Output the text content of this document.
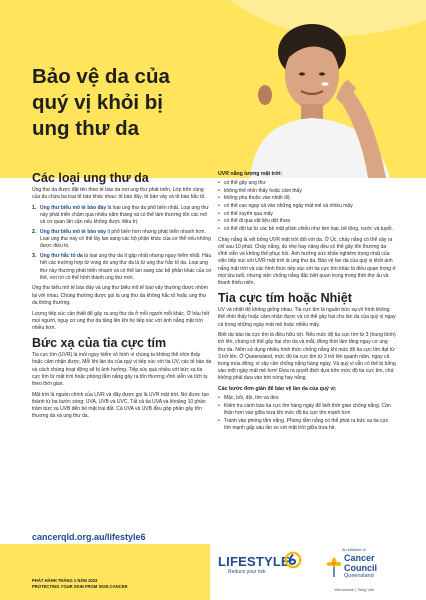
Bảo vệ da của
quý vị khỏi bị
ung thư da
Các loại ung thư da

Ung thư da được đặt tên theo tế bào da nơi ung thư phát triển. Lớp trên cùng của da chứa ba loại tế bào khác nhau: tế bào đáy, tế bào vảy và tế bào hắc tố.

1. Ung thư biểu mô tế bào đáy là loại ung thư da phổ biến nhất. Loại ung thư này phát triển chậm qua nhiều năm tháng và có thể làm thương tổn các mô và cơ quan lân cận nếu không được điều trị.
2. Ung thư biểu mô tế bào vảy ít phổ biến hơn nhưng phát triển nhanh hơn. Loại ung thư này có thể lây lan sang các bộ phận khác của cơ thể nếu không được điều trị.
3. Ung thư hắc tố da là loại ung thư da ít gặp nhất nhưng nguy hiểm nhất. Hầu hết các trường hợp từ vong do ung thư da là từ ung thư hắc tố da. Loại ung thư này thường phát triển nhanh và có thể lan sang các bộ phận khác của cơ thể, nơi nó có thể hình thành ung thư mới.

Ung thư biểu mô tế bào đáy và ung thư biểu mô tế bào vảy thường được nhóm lại với nhau. Chúng thường được gọi là ung thư da không hắc tố hoặc ung thư da thông thường.

Lượng tiếp xúc cần thiết để gây ra ung thư da ở mỗi người mỗi khác. Ở hầu hết mọi người, nguy cơ ung thư da tăng lên khi họ tiếp xúc với ánh nắng mặt trời nhiều hơn.

Bức xạ của tia cực tím

Tia cực tím (UVR) là mối nguy hiểm vô hình vì chúng ta không thể nhìn thấy hoặc cảm nhận được. Mỗi khi làn da của quý vị tiếp xúc với tia UV, các tế bào da và cách chúng hoạt động sẽ bị ảnh hưởng. Tiếp xúc quá nhiều với bức xạ tia cực tím từ mặt trời hoặc phòng tắm nắng gây ra tổn thương vĩnh viễn và tích tụ theo thời gian.

Mặt trời là nguồn chính của UVR và đây được gọi là UVR mặt trời. Nó được tạo thành từ ba bước sóng: UVA, UVB và UVC. Tất cả tia UVA và khoảng 10 phần trăm bức xạ UVB đến bề mặt trái đất. Cả UVA và UVB đều góp phần gây tổn thương da và ung thư da.

UVR nắng lượng mặt trời:
• có thể gây ung thư
• không thể nhìn thấy hoặc cảm thấy
• không phụ thuộc vào nhiệt độ
• có thể cao ngay cả vào những ngày mát mẻ và nhiều mây
• có thể xuyên qua mây
• có thể đi qua vật liệu dệt thưa
• có thể dội lại từ các bề mặt phản chiếu như kim loại, bê tông, nước và tuyết.

Cháy nắng là vết bỏng UVR mặt trời đối với da. Ở Úc, cháy nắng có thể xảy ra chỉ sau 10 phút. Cháy nắng, dù nhẹ hay nặng đều có thể gây tổn thương da vĩnh viễn và không thể phục hồi. Ánh hưởng sức khỏe nghiêm trọng nhất của việc tiếp xúc với UVR mặt trời là ung thư da. Bảo vệ làn da của quý vị khỏi ánh nắng mặt trời và các hình thức tiếp xúc với tia cực tím khác là điều quan trọng ở mọi lứa tuổi, nhưng việc chống nắng đặc biệt quan trọng trong thời thơ ấu và thanh thiếu niên.

Tia cực tím hoặc Nhiệt

UV và nhiệt độ không giống nhau. Tia cực tím là nguồn bức xạ vô hình không thể nhìn thấy hoặc cảm nhận được và có thể gây hại cho làn da của quý vị ngay cả trong những ngày mát mẻ hoặc nhiều mây.

Biết dự báo tia cực tím là điều hữu ích. Nếu mức độ tia cực tím từ 3 (trung bình) trở lên, chúng có thể gây hại cho da và mắt, đồng thời làm tăng nguy cơ ung thư da. Nếm sử dụng nhiều hình thức chống nắng khi mức độ tia cực tím đạt từ 3 trở lên. Ở Queensland, mức độ tia cực tím từ 3 trở lên quanh năm, ngay cả trong mùa đông, vì vậy cần chống nắng hàng ngày. Và quý vị vẫn có thể bị bỏng vào một ngày mát mẻ hơn! Đưa ra quyết định dựa trên mức độ tia cực tím, chứ không phải dựa vào trời nóng hay nắng.

Các bước đơn giản để bảo vệ làn da của quý vị:
• Mặc, bôi, đội, tìm và đeo
• Kiểm tra cảnh báo tia cực tím hàng ngày để biết thời gian chống nắng. Cần thận hơn vào giữa trưa khi mức độ tia cực tím mạnh hơn
• Tránh vào phòng tắm nắng. Phòng tắm nắng có thể phát ra bức xạ tia cực tím mạnh gấp sáu lần so với mặt trời giữa trưa hè.
cancerqld.org.au/lifestyle6
PHÁT HÀNH THÁNG 1 NĂM 2023
PROTECTING YOUR SKIN FROM SKIN CANCER
LIFESTYLE
Reduce your risk
An initiative of
Cancer
Council
Queensland
Vietnamese | Tiếng Việt
